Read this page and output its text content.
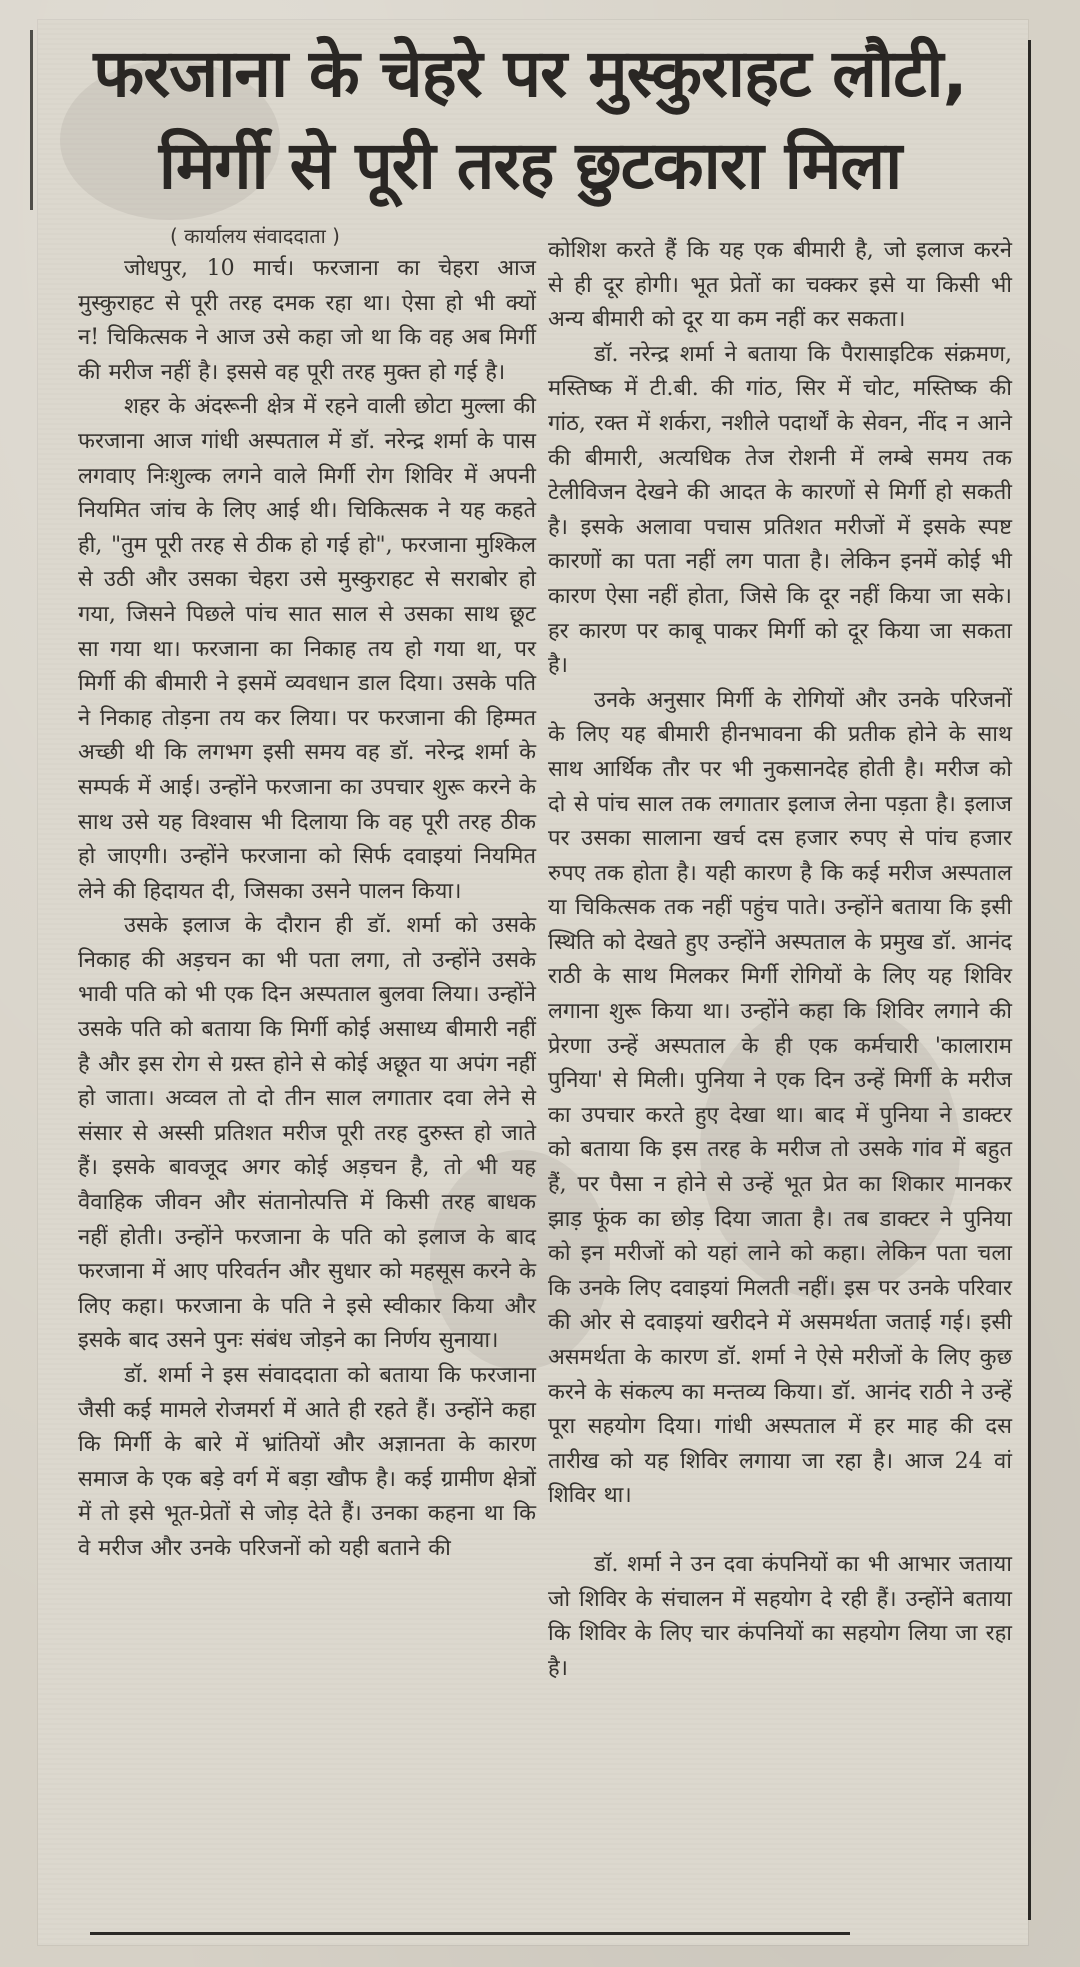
फरजाना के चेहरे पर मुस्कुराहट लौटी,
मिर्गी से पूरी तरह छुटकारा मिला
( कार्यालय संवाददाता )

जोधपुर, 10 मार्च। फरजाना का चेहरा आज मुस्कुराहट से पूरी तरह दमक रहा था। ऐसा हो भी क्यों न! चिकित्सक ने आज उसे कहा जो था कि वह अब मिर्गी की मरीज नहीं है। इससे वह पूरी तरह मुक्त हो गई है।

शहर के अंदरूनी क्षेत्र में रहने वाली छोटा मुल्ला की फरजाना आज गांधी अस्पताल में डॉ. नरेन्द्र शर्मा के पास लगवाए निःशुल्क लगने वाले मिर्गी रोग शिविर में अपनी नियमित जांच के लिए आई थी। चिकित्सक ने यह कहते ही, "तुम पूरी तरह से ठीक हो गई हो", फरजाना मुश्किल से उठी और उसका चेहरा उसे मुस्कुराहट से सराबोर हो गया, जिसने पिछले पांच सात साल से उसका साथ छूट सा गया था। फरजाना का निकाह तय हो गया था, पर मिर्गी की बीमारी ने इसमें व्यवधान डाल दिया। उसके पति ने निकाह तोड़ना तय कर लिया। पर फरजाना की हिम्मत अच्छी थी कि लगभग इसी समय वह डॉ. नरेन्द्र शर्मा के सम्पर्क में आई। उन्होंने फरजाना का उपचार शुरू करने के साथ उसे यह विश्वास भी दिलाया कि वह पूरी तरह ठीक हो जाएगी। उन्होंने फरजाना को सिर्फ दवाइयां नियमित लेने की हिदायत दी, जिसका उसने पालन किया।

उसके इलाज के दौरान ही डॉ. शर्मा को उसके निकाह की अड़चन का भी पता लगा, तो उन्होंने उसके भावी पति को भी एक दिन अस्पताल बुलवा लिया। उन्होंने उसके पति को बताया कि मिर्गी कोई असाध्य बीमारी नहीं है और इस रोग से ग्रस्त होने से कोई अछूत या अपंग नहीं हो जाता। अव्वल तो दो तीन साल लगातार दवा लेने से संसार से अस्सी प्रतिशत मरीज पूरी तरह दुरुस्त हो जाते हैं। इसके बावजूद अगर कोई अड़चन है, तो भी यह वैवाहिक जीवन और संतानोत्पत्ति में किसी तरह बाधक नहीं होती। उन्होंने फरजाना के पति को इलाज के बाद फरजाना में आए परिवर्तन और सुधार को महसूस करने के लिए कहा। फरजाना के पति ने इसे स्वीकार किया और इसके बाद उसने पुनः संबंध जोड़ने का निर्णय सुनाया।

डॉ. शर्मा ने इस संवाददाता को बताया कि फरजाना जैसी कई मामले रोजमर्रा में आते ही रहते हैं। उन्होंने कहा कि मिर्गी के बारे में भ्रांतियों और अज्ञानता के कारण समाज के एक बड़े वर्ग में बड़ा खौफ है। कई ग्रामीण क्षेत्रों में तो इसे भूत-प्रेतों से जोड़ देते हैं। उनका कहना था कि वे मरीज और उनके परिजनों को यही बताने की

कोशिश करते हैं कि यह एक बीमारी है, जो इलाज करने से ही दूर होगी। भूत प्रेतों का चक्कर इसे या किसी भी अन्य बीमारी को दूर या कम नहीं कर सकता।

डॉ. नरेन्द्र शर्मा ने बताया कि पैरासाइटिक संक्रमण, मस्तिष्क में टी.बी. की गांठ, सिर में चोट, मस्तिष्क की गांठ, रक्त में शर्करा, नशीले पदार्थों के सेवन, नींद न आने की बीमारी, अत्यधिक तेज रोशनी में लम्बे समय तक टेलीविजन देखने की आदत के कारणों से मिर्गी हो सकती है। इसके अलावा पचास प्रतिशत मरीजों में इसके स्पष्ट कारणों का पता नहीं लग पाता है। लेकिन इनमें कोई भी कारण ऐसा नहीं होता, जिसे कि दूर नहीं किया जा सके। हर कारण पर काबू पाकर मिर्गी को दूर किया जा सकता है।

उनके अनुसार मिर्गी के रोगियों और उनके परिजनों के लिए यह बीमारी हीनभावना की प्रतीक होने के साथ साथ आर्थिक तौर पर भी नुकसानदेह होती है। मरीज को दो से पांच साल तक लगातार इलाज लेना पड़ता है। इलाज पर उसका सालाना खर्च दस हजार रुपए से पांच हजार रुपए तक होता है। यही कारण है कि कई मरीज अस्पताल या चिकित्सक तक नहीं पहुंच पाते। उन्होंने बताया कि इसी स्थिति को देखते हुए उन्होंने अस्पताल के प्रमुख डॉ. आनंद राठी के साथ मिलकर मिर्गी रोगियों के लिए यह शिविर लगाना शुरू किया था। उन्होंने कहा कि शिविर लगाने की प्रेरणा उन्हें अस्पताल के ही एक कर्मचारी 'कालाराम पुनिया' से मिली। पुनिया ने एक दिन उन्हें मिर्गी के मरीज का उपचार करते हुए देखा था। बाद में पुनिया ने डाक्टर को बताया कि इस तरह के मरीज तो उसके गांव में बहुत हैं, पर पैसा न होने से उन्हें भूत प्रेत का शिकार मानकर झाड़ फूंक का छोड़ दिया जाता है। तब डाक्टर ने पुनिया को इन मरीजों को यहां लाने को कहा। लेकिन पता चला कि उनके लिए दवाइयां मिलती नहीं। इस पर उनके परिवार की ओर से दवाइयां खरीदने में असमर्थता जताई गई। इसी असमर्थता के कारण डॉ. शर्मा ने ऐसे मरीजों के लिए कुछ करने के संकल्प का मन्तव्य किया। डॉ. आनंद राठी ने उन्हें पूरा सहयोग दिया। गांधी अस्पताल में हर माह की दस तारीख को यह शिविर लगाया जा रहा है। आज 24 वां शिविर था।

डॉ. शर्मा ने उन दवा कंपनियों का भी आभार जताया जो शिविर के संचालन में सहयोग दे रही हैं। उन्होंने बताया कि शिविर के लिए चार कंपनियों का सहयोग लिया जा रहा है।
